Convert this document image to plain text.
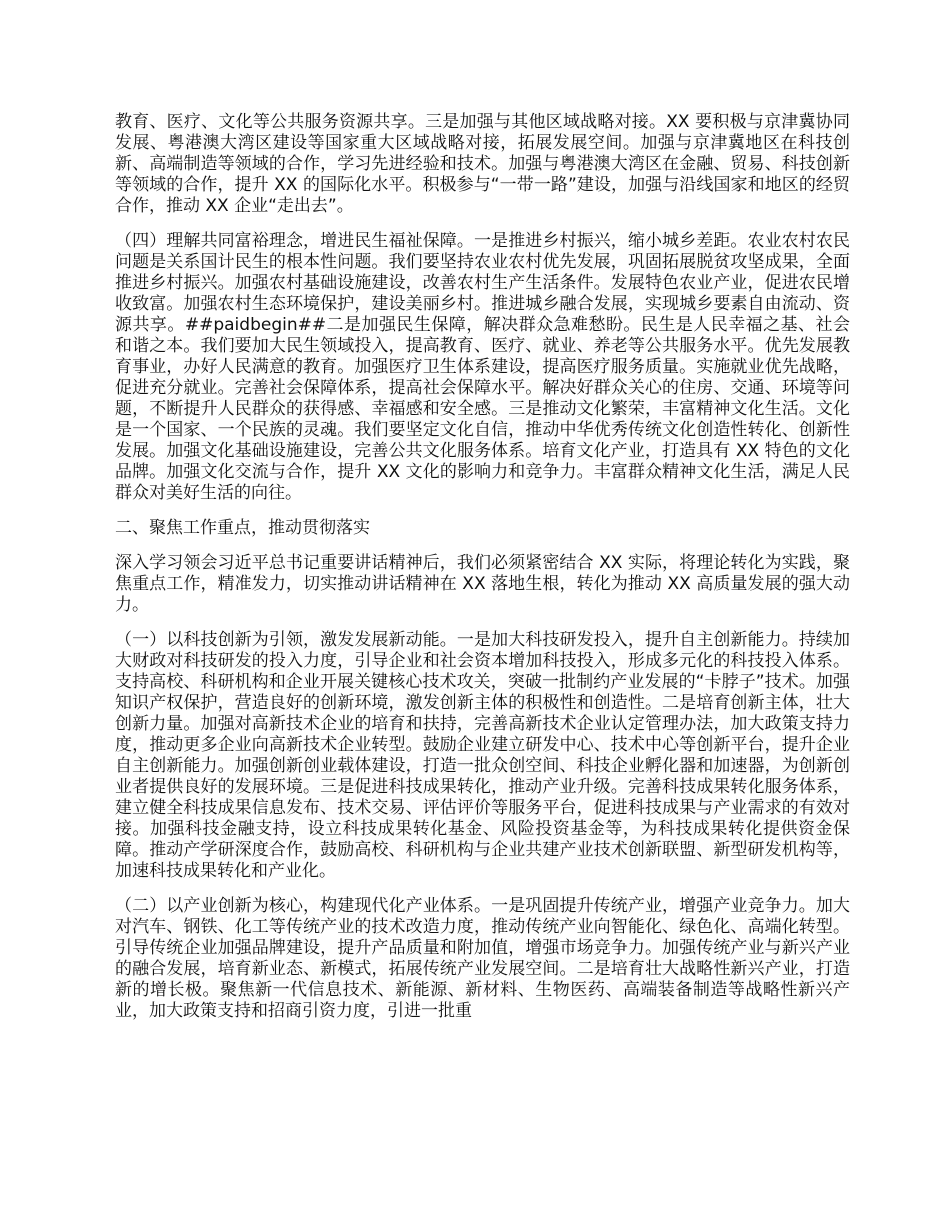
教育、医疗、文化等公共服务资源共享。三是加强与其他区域战略对接。XX 要积极与京津冀协同发展、粤港澳大湾区建设等国家重大区域战略对接，拓展发展空间。加强与京津冀地区在科技创新、高端制造等领域的合作，学习先进经验和技术。加强与粤港澳大湾区在金融、贸易、科技创新等领域的合作，提升 XX 的国际化水平。积极参与“一带一路”建设，加强与沿线国家和地区的经贸合作，推动 XX 企业“走出去”。

（四）理解共同富裕理念，增进民生福祉保障。一是推进乡村振兴，缩小城乡差距。农业农村农民问题是关系国计民生的根本性问题。我们要坚持农业农村优先发展，巩固拓展脱贫攻坚成果，全面推进乡村振兴。加强农村基础设施建设，改善农村生产生活条件。发展特色农业产业，促进农民增收致富。加强农村生态环境保护，建设美丽乡村。推进城乡融合发展，实现城乡要素自由流动、资源共享。##paidbegin##二是加强民生保障，解决群众急难愁盼。民生是人民幸福之基、社会和谐之本。我们要加大民生领域投入，提高教育、医疗、就业、养老等公共服务水平。优先发展教育事业，办好人民满意的教育。加强医疗卫生体系建设，提高医疗服务质量。实施就业优先战略，促进充分就业。完善社会保障体系，提高社会保障水平。解决好群众关心的住房、交通、环境等问题，不断提升人民群众的获得感、幸福感和安全感。三是推动文化繁荣，丰富精神文化生活。文化是一个国家、一个民族的灵魂。我们要坚定文化自信，推动中华优秀传统文化创造性转化、创新性发展。加强文化基础设施建设，完善公共文化服务体系。培育文化产业，打造具有 XX 特色的文化品牌。加强文化交流与合作，提升 XX 文化的影响力和竞争力。丰富群众精神文化生活，满足人民群众对美好生活的向往。

二、聚焦工作重点，推动贯彻落实

深入学习领会习近平总书记重要讲话精神后，我们必须紧密结合 XX 实际，将理论转化为实践，聚焦重点工作，精准发力，切实推动讲话精神在 XX 落地生根，转化为推动 XX 高质量发展的强大动力。

（一）以科技创新为引领，激发发展新动能。一是加大科技研发投入，提升自主创新能力。持续加大财政对科技研发的投入力度，引导企业和社会资本增加科技投入，形成多元化的科技投入体系。支持高校、科研机构和企业开展关键核心技术攻关，突破一批制约产业发展的“卡脖子”技术。加强知识产权保护，营造良好的创新环境，激发创新主体的积极性和创造性。二是培育创新主体，壮大创新力量。加强对高新技术企业的培育和扶持，完善高新技术企业认定管理办法，加大政策支持力度，推动更多企业向高新技术企业转型。鼓励企业建立研发中心、技术中心等创新平台，提升企业自主创新能力。加强创新创业载体建设，打造一批众创空间、科技企业孵化器和加速器，为创新创业者提供良好的发展环境。三是促进科技成果转化，推动产业升级。完善科技成果转化服务体系，建立健全科技成果信息发布、技术交易、评估评价等服务平台，促进科技成果与产业需求的有效对接。加强科技金融支持，设立科技成果转化基金、风险投资基金等，为科技成果转化提供资金保障。推动产学研深度合作，鼓励高校、科研机构与企业共建产业技术创新联盟、新型研发机构等，加速科技成果转化和产业化。

（二）以产业创新为核心，构建现代化产业体系。一是巩固提升传统产业，增强产业竞争力。加大对汽车、钢铁、化工等传统产业的技术改造力度，推动传统产业向智能化、绿色化、高端化转型。引导传统企业加强品牌建设，提升产品质量和附加值，增强市场竞争力。加强传统产业与新兴产业的融合发展，培育新业态、新模式，拓展传统产业发展空间。二是培育壮大战略性新兴产业，打造新的增长极。聚焦新一代信息技术、新能源、新材料、生物医药、高端装备制造等战略性新兴产业，加大政策支持和招商引资力度，引进一批重
